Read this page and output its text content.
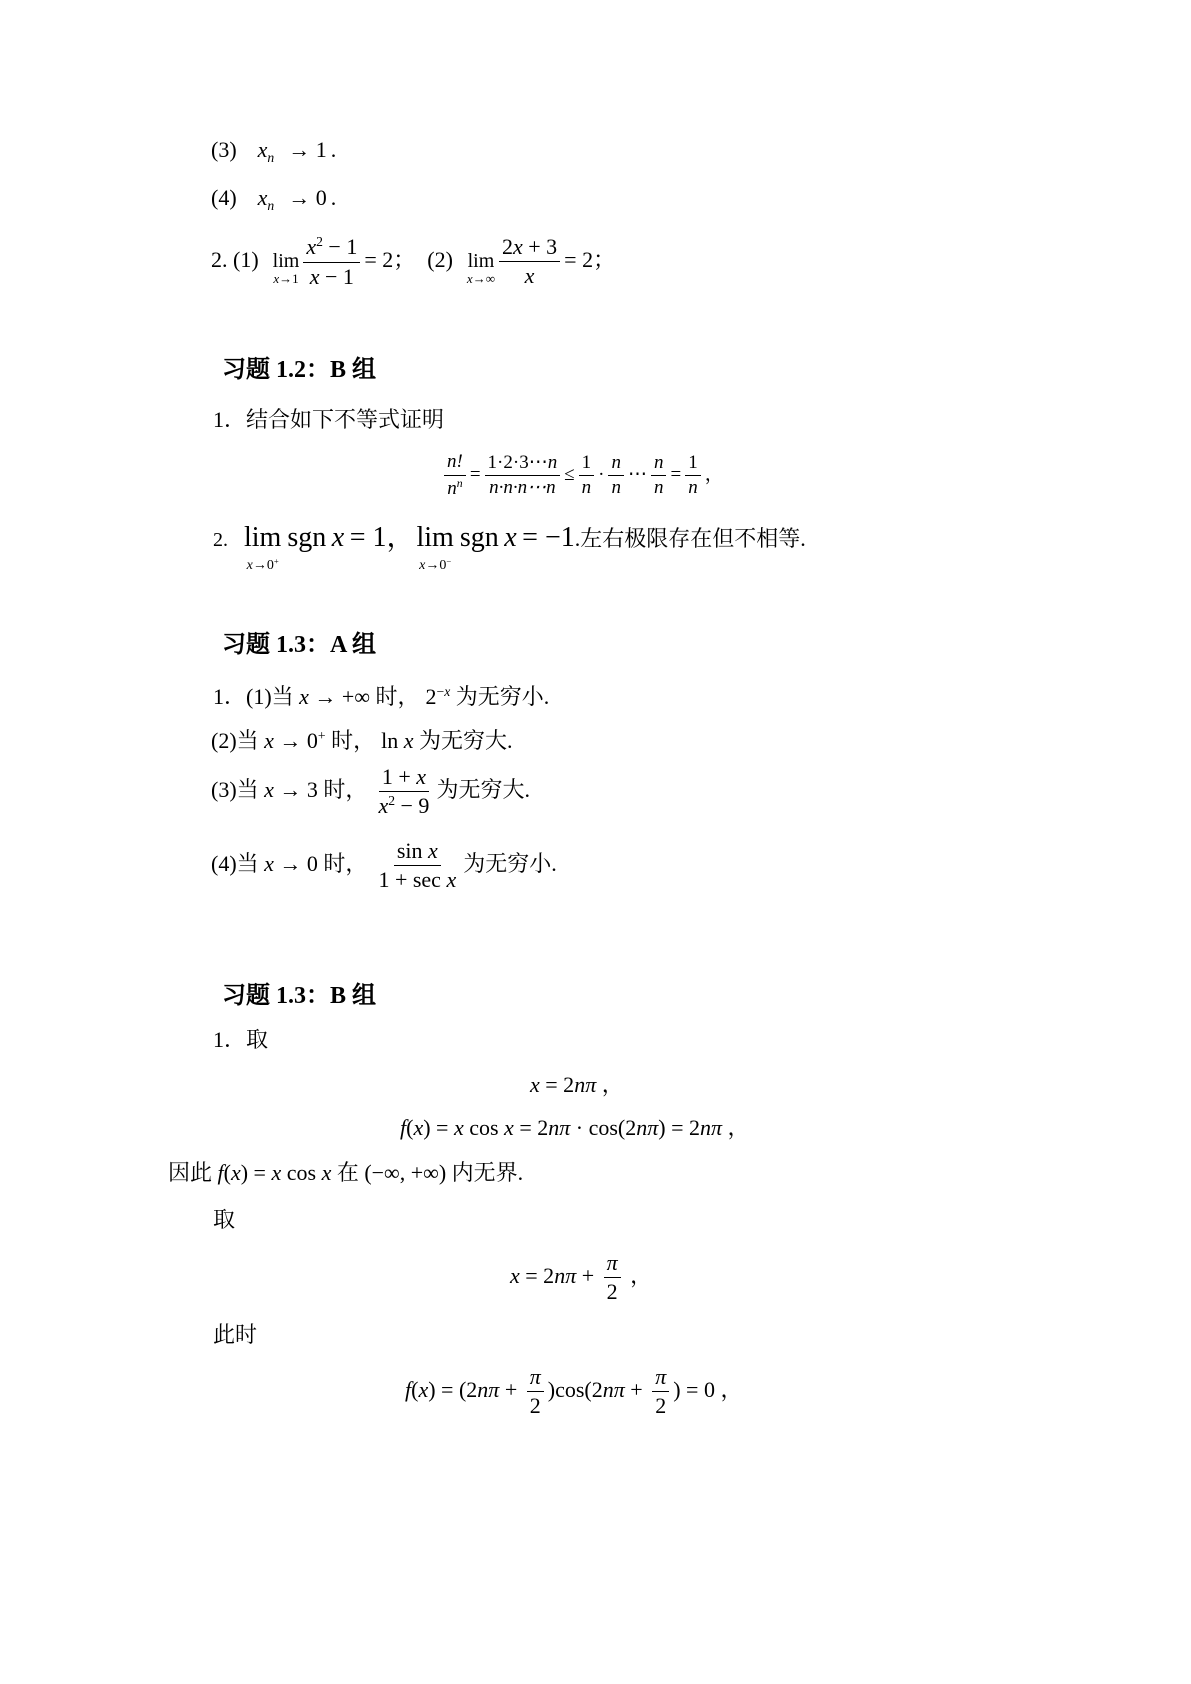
(3) $x_n \to 1$ .
(4) $x_n \to 0$ .
2. (1) lim
$x\to 1 \frac{x^2 - 1}{x - 1} = 2$； (2) lim
$x\to\infty \frac{2x + 3}{x} = 2$；
习题 1.2：B 组
1．结合如下不等式证明
$\frac{n!}{n^n} = \frac{1\cdot 2\cdot 3\cdots n}{n\cdot n\cdot n\cdots n} \le \frac{1}{n} \cdot \frac{n}{n}$ ⋯ $\frac{n}{n} = \frac{1}{n}$ ，
2. lim
x→0+
sgn x = 1， lim
x→0−
sgn x = −1.左右极限存在但不相等.
习题 1.3：A 组
1．(1)当 x → +∞ 时， $2^{-x}$ 为无穷小.
(2)当 x → 0+ 时， ln x 为无穷大.
(3)当 x → 3 时， $\frac{1 + x}{x^2 - 9}$ 为无穷大.
(4)当 x → 0 时， $\frac{\text{sin x}}{\text{1 + sec x}}$ 为无穷小.
习题 1.3：B 组
1．取
x = 2nπ ，
f(x) = x cos x = 2nπ · cos(2nπ) = 2nπ ，
因此 f(x) = x cos x 在 (−∞, +∞) 内无界.
取
$x = 2n\pi + \frac{\pi}{2}$ ，
此时
$f(x) = (2n\pi + \frac{\pi}{2} )\cos(2n\pi + \frac{\pi}{2}$ ) = 0 ，
